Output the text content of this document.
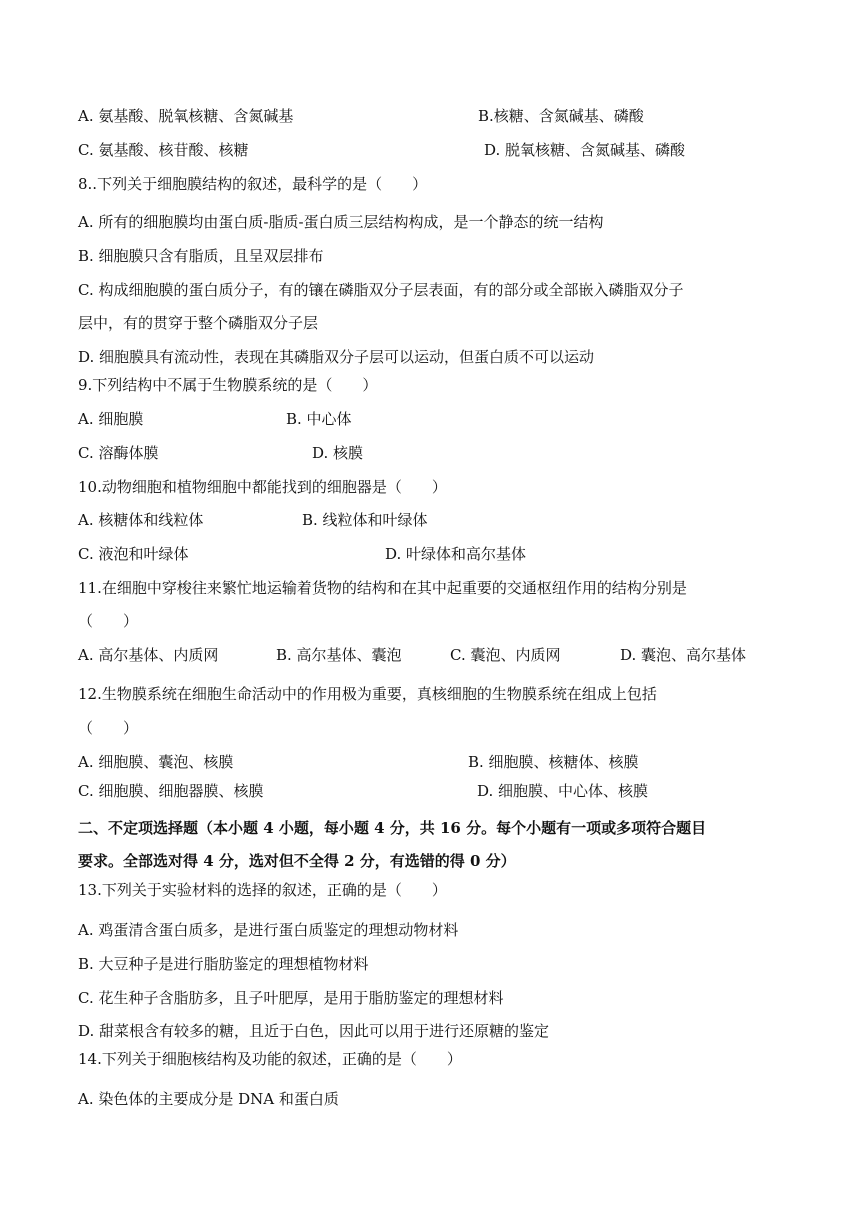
A. 氨基酸、脱氧核糖、含氮碱基	B.核糖、含氮碱基、磷酸
C. 氨基酸、核苷酸、核糖	D. 脱氧核糖、含氮碱基、磷酸
8..下列关于细胞膜结构的叙述，最科学的是（　　）
A. 所有的细胞膜均由蛋白质-脂质-蛋白质三层结构构成，是一个静态的统一结构
B. 细胞膜只含有脂质，且呈双层排布
C. 构成细胞膜的蛋白质分子，有的镶在磷脂双分子层表面，有的部分或全部嵌入磷脂双分子
层中，有的贯穿于整个磷脂双分子层
D. 细胞膜具有流动性，表现在其磷脂双分子层可以运动，但蛋白质不可以运动
9.下列结构中不属于生物膜系统的是（　　）
A. 细胞膜	B. 中心体
C. 溶酶体膜	D. 核膜
10.动物细胞和植物细胞中都能找到的细胞器是（　　）
A. 核糖体和线粒体	B. 线粒体和叶绿体
C. 液泡和叶绿体	D. 叶绿体和高尔基体
11.在细胞中穿梭往来繁忙地运输着货物的结构和在其中起重要的交通枢纽作用的结构分别是
（　　）
A. 高尔基体、内质网	B. 高尔基体、囊泡	C. 囊泡、内质网	D. 囊泡、高尔基体
12.生物膜系统在细胞生命活动中的作用极为重要，真核细胞的生物膜系统在组成上包括
（　　）
A. 细胞膜、囊泡、核膜	B. 细胞膜、核糖体、核膜
C. 细胞膜、细胞器膜、核膜	D. 细胞膜、中心体、核膜
二、不定项选择题（本小题 4 小题，每小题 4 分，共 16 分。每个小题有一项或多项符合题目
要求。全部选对得 4 分，选对但不全得 2 分，有选错的得 0 分）
13.下列关于实验材料的选择的叙述，正确的是（　　）
A. 鸡蛋清含蛋白质多，是进行蛋白质鉴定的理想动物材料
B. 大豆种子是进行脂肪鉴定的理想植物材料
C. 花生种子含脂肪多，且子叶肥厚，是用于脂肪鉴定的理想材料
D. 甜菜根含有较多的糖，且近于白色，因此可以用于进行还原糖的鉴定
14.下列关于细胞核结构及功能的叙述，正确的是（　　）
A. 染色体的主要成分是 DNA 和蛋白质
